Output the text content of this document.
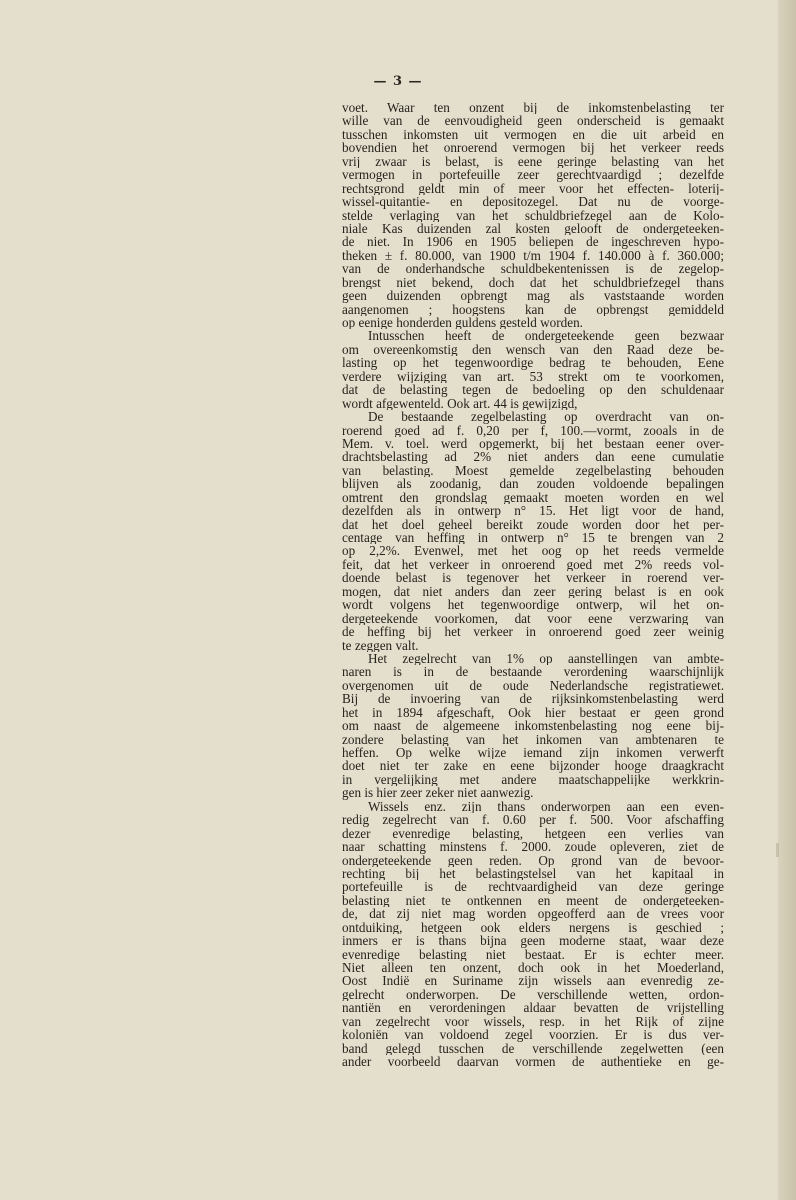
— 3 —
voet. Waar ten onzent bij de inkomstenbelasting ter
wille van de eenvoudigheid geen onderscheid is gemaakt
tusschen inkomsten uit vermogen en die uit arbeid en
bovendien het onroerend vermogen bij het verkeer reeds
vrij zwaar is belast, is eene geringe belasting van het
vermogen in portefeuille zeer gerechtvaardigd ; dezelfde
rechtsgrond geldt min of meer voor het effecten- loterij-
wissel-quitantie- en depositozegel. Dat nu de voorge-
stelde verlaging van het schuldbriefzegel aan de Kolo-
niale Kas duizenden zal kosten gelooft de ondergeteeken-
de niet. In 1906 en 1905 beliepen de ingeschreven hypo-
theken ± f. 80.000, van 1900 t/m 1904 f. 140.000 à f. 360.000;
van de onderhandsche schuldbekentenissen is de zegelop-
brengst niet bekend, doch dat het schuldbriefzegel thans
geen duizenden opbrengt mag als vaststaande worden
aangenomen ; hoogstens kan de opbrengst gemiddeld
op eenige honderden guldens gesteld worden.
Intusschen heeft de ondergeteekende geen bezwaar
om overeenkomstig den wensch van den Raad deze be-
lasting op het tegenwoordige bedrag te behouden, Eene
verdere wijziging van art. 53 strekt om te voorkomen,
dat de belasting tegen de bedoeling op den schuldenaar
wordt afgewenteld. Ook art. 44 is gewijzigd,
De bestaande zegelbelasting op overdracht van on-
roerend goed ad f. 0,20 per f, 100.—vormt, zooals in de
Mem. v. toel. werd opgemerkt, bij het bestaan eener over-
drachtsbelasting ad 2% niet anders dan eene cumulatie
van belasting. Moest gemelde zegelbelasting behouden
blijven als zoodanig, dan zouden voldoende bepalingen
omtrent den grondslag gemaakt moeten worden en wel
dezelfden als in ontwerp n° 15. Het ligt voor de hand,
dat het doel geheel bereikt zoude worden door het per-
centage van heffing in ontwerp n° 15 te brengen van 2
op 2,2%. Evenwel, met het oog op het reeds vermelde
feit, dat het verkeer in onroerend goed met 2% reeds vol-
doende belast is tegenover het verkeer in roerend ver-
mogen, dat niet anders dan zeer gering belast is en ook
wordt volgens het tegenwoordige ontwerp, wil het on-
dergeteekende voorkomen, dat voor eene verzwaring van
de heffing bij het verkeer in onroerend goed zeer weinig
te zeggen valt.
Het zegelrecht van 1% op aanstellingen van ambte-
naren is in de bestaande verordening waarschijnlijk
overgenomen uit de oude Nederlandsche registratiewet.
Bij de invoering van de rijksinkomstenbelasting werd
het in 1894 afgeschaft, Ook hier bestaat er geen grond
om naast de algemeene inkomstenbelasting nog eene bij-
zondere belasting van het inkomen van ambtenaren te
heffen. Op welke wijze iemand zijn inkomen verwerft
doet niet ter zake en eene bijzonder hooge draagkracht
in vergelijking met andere maatschappelijke werkkrin-
gen is hier zeer zeker niet aanwezig.
Wissels enz. zijn thans onderworpen aan een even-
redig zegelrecht van f. 0.60 per f. 500. Voor afschaffing
dezer evenredige belasting, hetgeen een verlies van
naar schatting minstens f. 2000. zoude opleveren, ziet de
ondergeteekende geen reden. Op grond van de bevoor-
rechting bij het belastingstelsel van het kapitaal in
portefeuille is de rechtvaardigheid van deze geringe
belasting niet te ontkennen en meent de ondergeteeken-
de, dat zij niet mag worden opgeofferd aan de vrees voor
ontduiking, hetgeen ook elders nergens is geschied ;
inmers er is thans bijna geen moderne staat, waar deze
evenredige belasting niet bestaat. Er is echter meer.
Niet alleen ten onzent, doch ook in het Moederland,
Oost Indië en Suriname zijn wissels aan evenredig ze-
gelrecht onderworpen. De verschillende wetten, ordon-
nantiën en verordeningen aldaar bevatten de vrijstelling
van zegelrecht voor wissels, resp. in het Rijk of zijne
koloniën van voldoend zegel voorzien. Er is dus ver-
band gelegd tusschen de verschillende zegelwetten (een
ander voorbeeld daarvan vormen de authentieke en ge-
